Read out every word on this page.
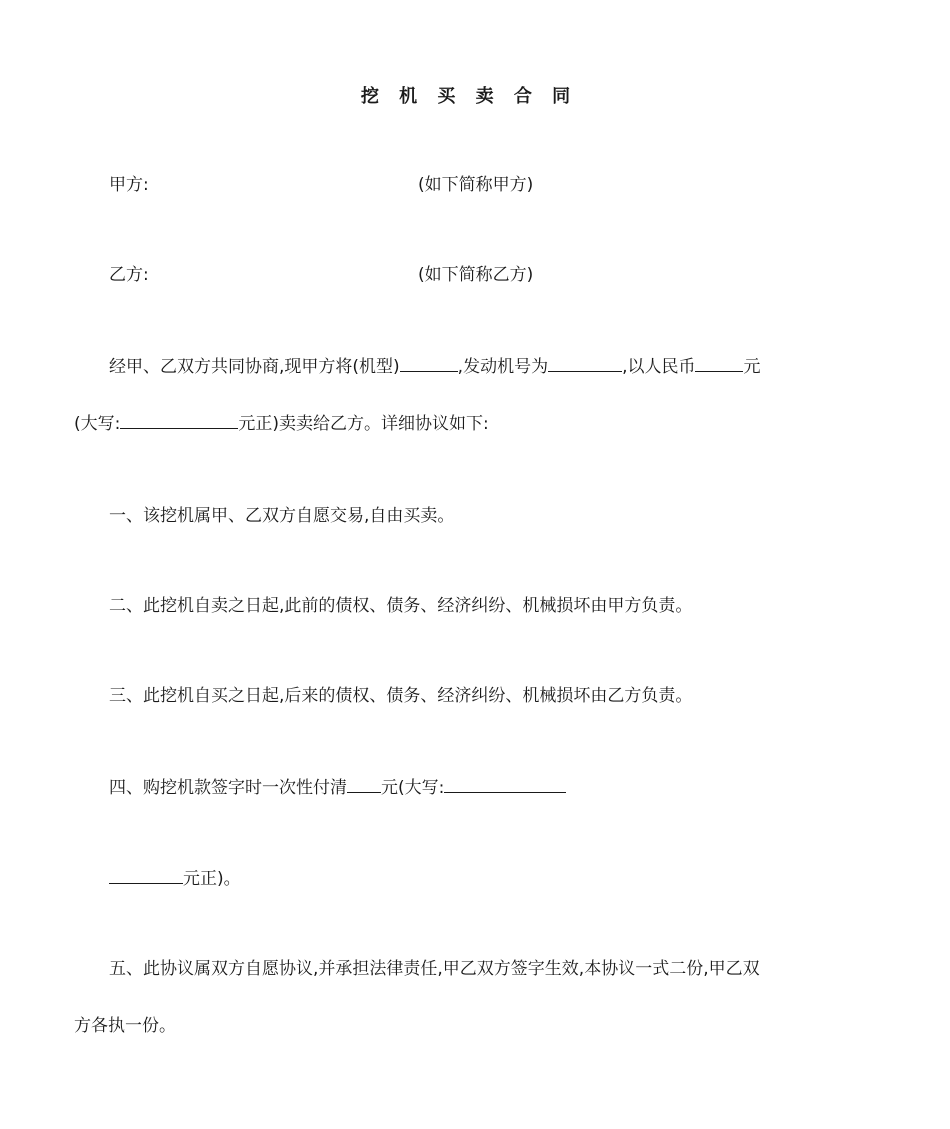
挖 机 买 卖 合 同
甲方:	(如下简称甲方)
乙方:	(如下简称乙方)
经甲、乙双方共同协商,现甲方将(机型)	,发动机号为	,以人民币	元
(大写:	元正)卖卖给乙方。详细协议如下:
一、该挖机属甲、乙双方自愿交易,自由买卖。
二、此挖机自卖之日起,此前的债权、债务、经济纠纷、机械损坏由甲方负责。
三、此挖机自买之日起,后来的债权、债务、经济纠纷、机械损坏由乙方负责。
四、购挖机款签字时一次性付清 元(大写:
元正)。
五、此协议属双方自愿协议,并承担法律责任,甲乙双方签字生效,本协议一式二份,甲乙双
方各执一份。
